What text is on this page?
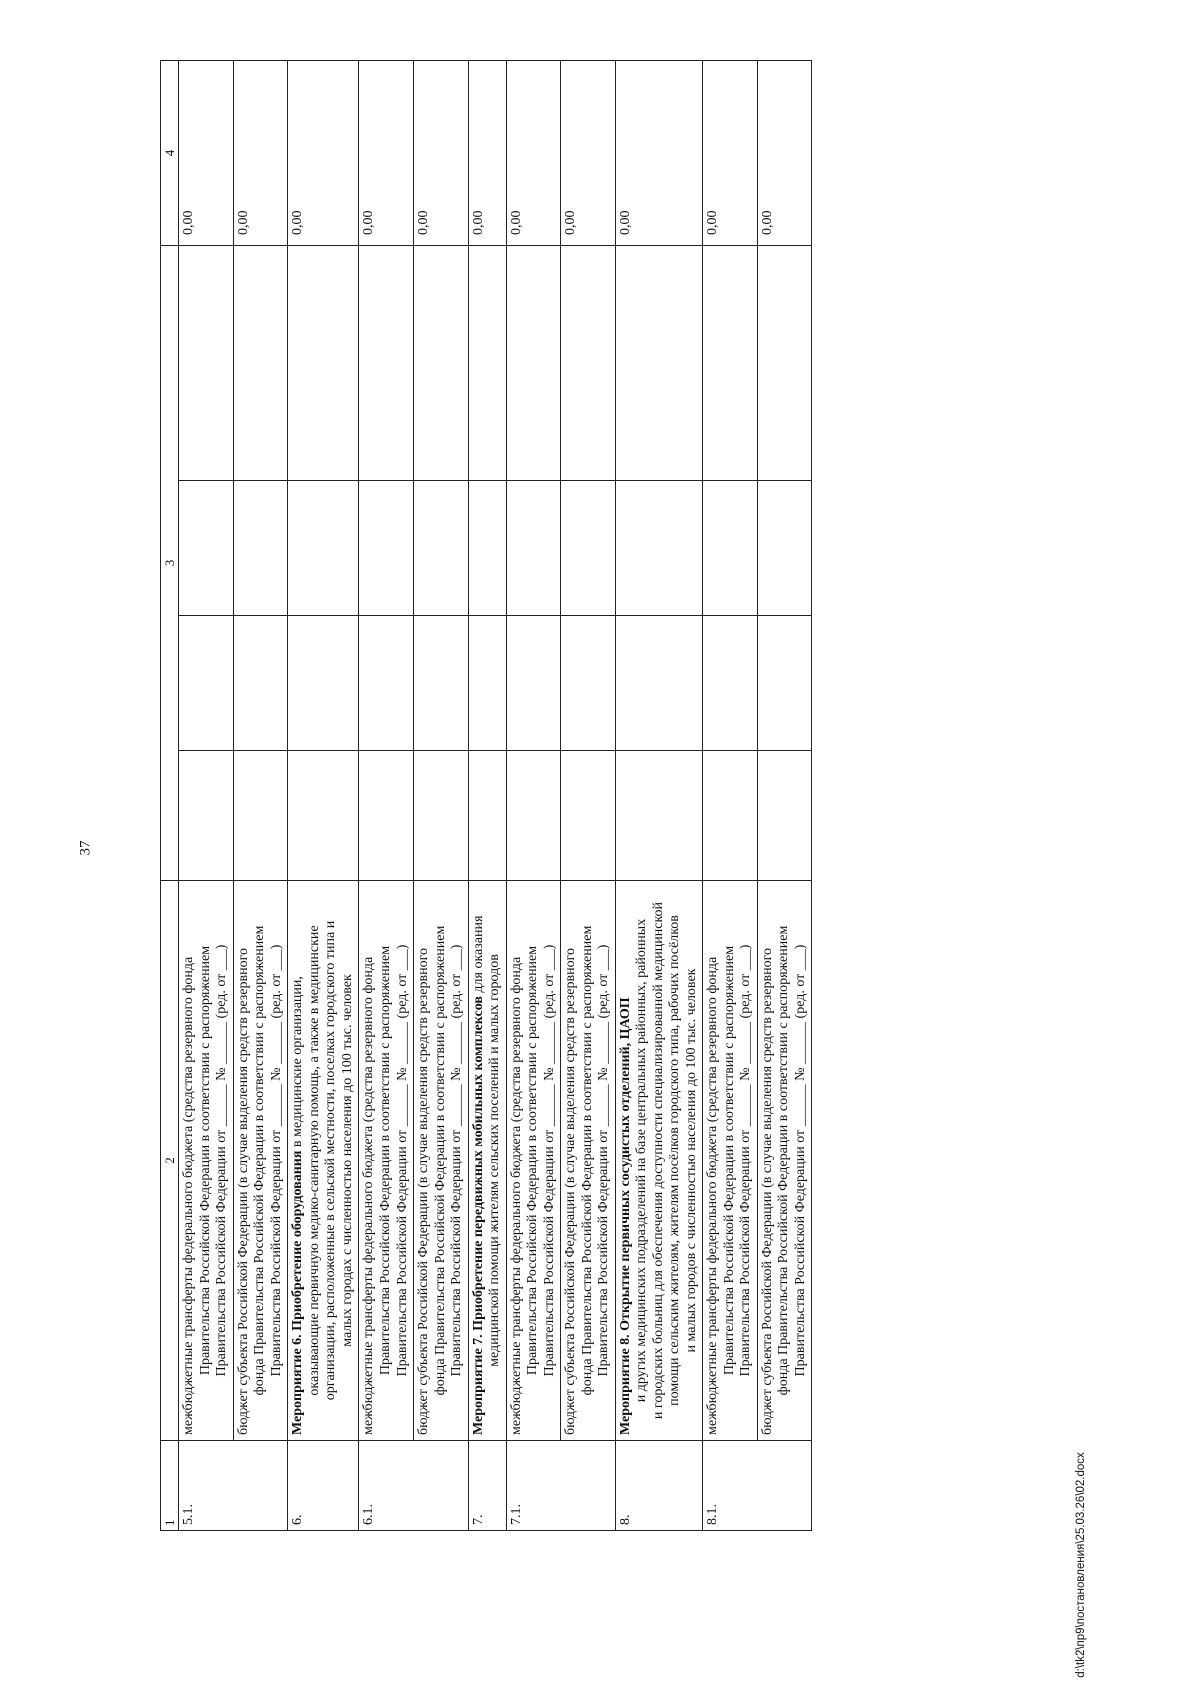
37
1	2	3				4
5.1.	межбюджетные трансферты федерального бюджета (средства резервного фонда Правительства Российской Федерации в соответствии с распоряжением Правительства Российской Федерации от ______ № ______ (ред. от ___)					0,00

	бюджет субъекта Российской Федерации (в случае выделения средств резервного фонда Правительства Российской Федерации в соответствии с распоряжением Правительства Российской Федерации от ______ № ______ (ред. от ___)					0,00
6.	Мероприятие 6. Приобретение оборудования в медицинские организации, оказывающие первичную медико-санитарную помощь, а также в медицинские организации, расположенные в сельской местности, поселках городского типа и малых городах с численностью населения до 100 тыс. человек					0,00
6.1.	межбюджетные трансферты федерального бюджета (средства резервного фонда Правительства Российской Федерации в соответствии с распоряжением Правительства Российской Федерации от ______ № ______ (ред. от ___)					0,00

	бюджет субъекта Российской Федерации (в случае выделения средств резервного фонда Правительства Российской Федерации в соответствии с распоряжением Правительства Российской Федерации от ______ № ______ (ред. от ___)					0,00
7.	Мероприятие 7. Приобретение передвижных мобильных комплексов для оказания медицинской помощи жителям сельских поселений и малых городов					0,00
7.1.	межбюджетные трансферты федерального бюджета (средства резервного фонда Правительства Российской Федерации в соответствии с распоряжением Правительства Российской Федерации от ______ № ______ (ред. от ___)					0,00

	бюджет субъекта Российской Федерации (в случае выделения средств резервного фонда Правительства Российской Федерации в соответствии с распоряжением Правительства Российской Федерации от ______ № ______ (ред. от ___)					0,00
8.	Мероприятие 8. Открытие первичных сосудистых отделений, ЦАОП и других медицинских подразделений на базе центральных районных, районных и городских больниц для обеспечения доступности специализированной медицинской помощи сельским жителям, жителям посёлков городского типа, рабочих посёлков и малых городов с численностью населения до 100 тыс. человек					0,00
8.1.	межбюджетные трансферты федерального бюджета (средства резервного фонда Правительства Российской Федерации в соответствии с распоряжением Правительства Российской Федерации от ______ № ______ (ред. от ___)					0,00

	бюджет субъекта Российской Федерации (в случае выделения средств резервного фонда Правительства Российской Федерации в соответствии с распоряжением Правительства Российской Федерации от ______ № ______ (ред. от ___)					0,00
d:\tk2\пр9\постановления\25.03.26\02.docx
